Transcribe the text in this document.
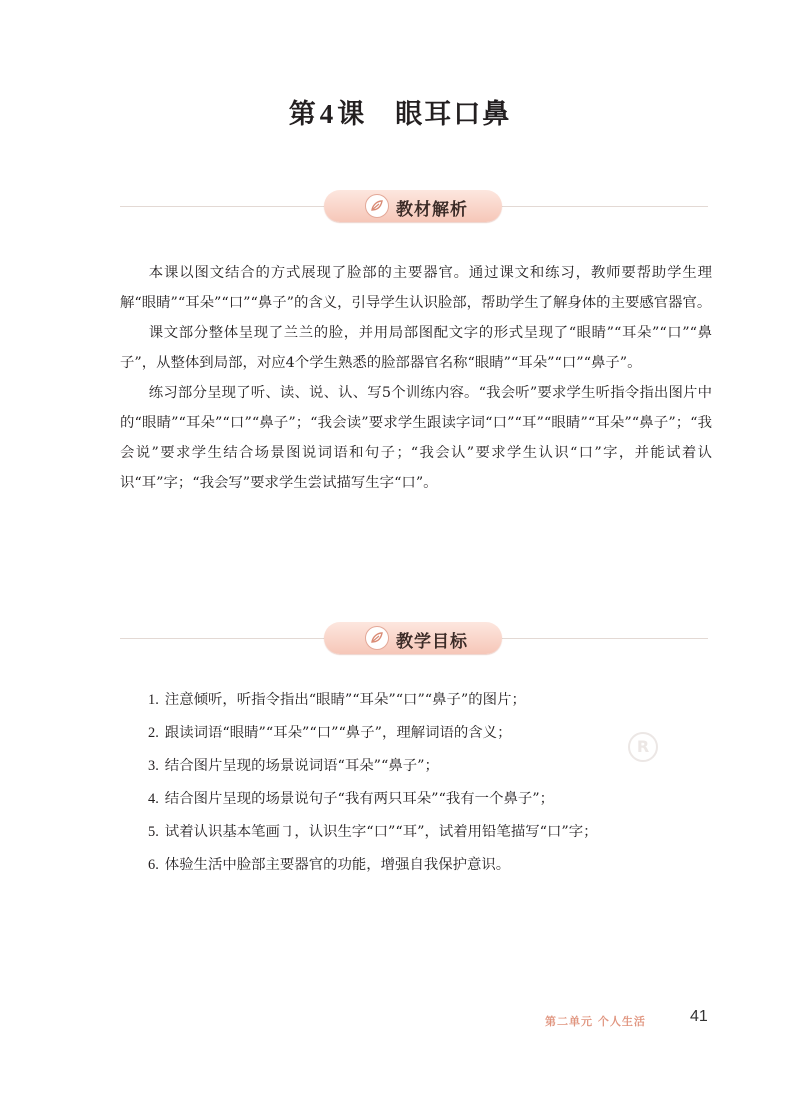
第4课　 眼耳口鼻
教材解析

本课以图文结合的方式展现了脸部的主要器官。通过课文和练习，教师要帮助学生理解“眼睛”“耳朵”“口”“鼻子”的含义，引导学生认识脸部，帮助学生了解身体的主要感官器官。

课文部分整体呈现了兰兰的脸，并用局部图配文字的形式呈现了“眼睛”“耳朵”“口”“鼻子”，从整体到局部，对应4个学生熟悉的脸部器官名称“眼睛”“耳朵”“口”“鼻子”。

练习部分呈现了听、读、说、认、写5个训练内容。“我会听”要求学生听指令指出图片中的“眼睛”“耳朵”“口”“鼻子”；“我会读”要求学生跟读字词“口”“耳”“眼睛”“耳朵”“鼻子”；“我会说”要求学生结合场景图说词语和句子；“我会认”要求学生认识“口”字，并能试着认识“耳”字；“我会写”要求学生尝试描写生字“口”。

教学目标

R
1. 注意倾听，听指令指出“眼睛”“耳朵”“口”“鼻子”的图片；
2. 跟读词语“眼睛”“耳朵”“口”“鼻子”，理解词语的含义；
3. 结合图片呈现的场景说词语“耳朵”“鼻子”；
4. 结合图片呈现的场景说句子“我有两只耳朵”“我有一个鼻子”；
5. 试着认识基本笔画㇆，认识生字“口”“耳”，试着用铅笔描写“口”字；
6. 体验生活中脸部主要器官的功能，增强自我保护意识。
第二单元 个人生活	41
